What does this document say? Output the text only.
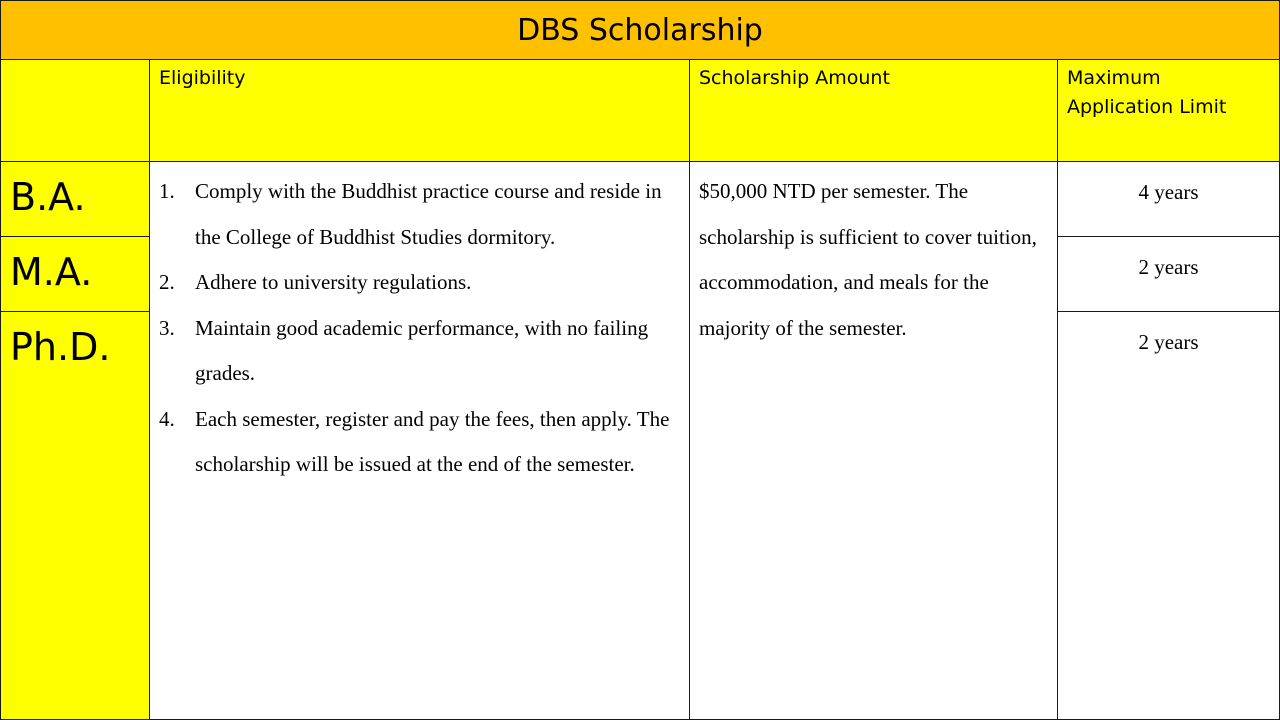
DBS Scholarship
Eligibility	Scholarship Amount	Maximum Application Limit
B.A.
M.A.
Ph.D.
1. Comply with the Buddhist practice course and reside in the College of Buddhist Studies dormitory.
2. Adhere to university regulations.
3. Maintain good academic performance, with no failing grades.
4. Each semester, register and pay the fees, then apply. The scholarship will be issued at the end of the semester.
$50,000 NTD per semester. The scholarship is sufficient to cover tuition, accommodation, and meals for the majority of the semester.
4 years
2 years
2 years
